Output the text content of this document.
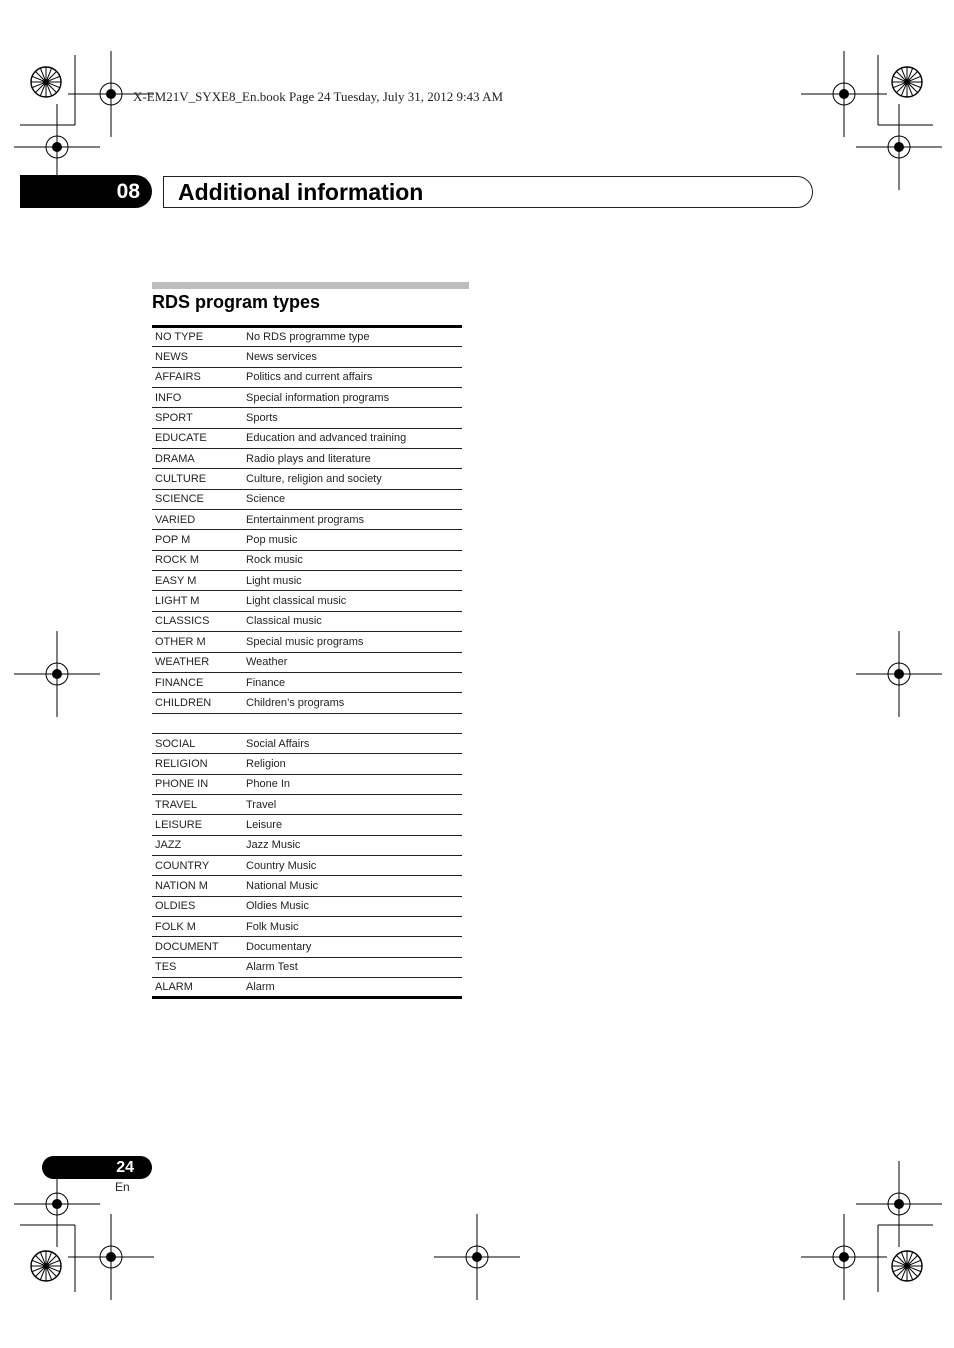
X-EM21V_SYXE8_En.book Page 24 Tuesday, July 31, 2012 9:43 AM
08 Additional information
RDS program types
NO TYPE	No RDS programme type
NEWS	News services
AFFAIRS	Politics and current affairs
INFO	Special information programs
SPORT	Sports
EDUCATE	Education and advanced training
DRAMA	Radio plays and literature
CULTURE	Culture, religion and society
SCIENCE	Science
VARIED	Entertainment programs
POP M	Pop music
ROCK M	Rock music
EASY M	Light music
LIGHT M	Light classical music
CLASSICS	Classical music
OTHER M	Special music programs
WEATHER	Weather
FINANCE	Finance
CHILDREN	Children’s programs

SOCIAL	Social Affairs
RELIGION	Religion
PHONE IN	Phone In
TRAVEL	Travel
LEISURE	Leisure
JAZZ	Jazz Music
COUNTRY	Country Music
NATION M	National Music
OLDIES	Oldies Music
FOLK M	Folk Music
DOCUMENT	Documentary
TES	Alarm Test
ALARM	Alarm
24
En
